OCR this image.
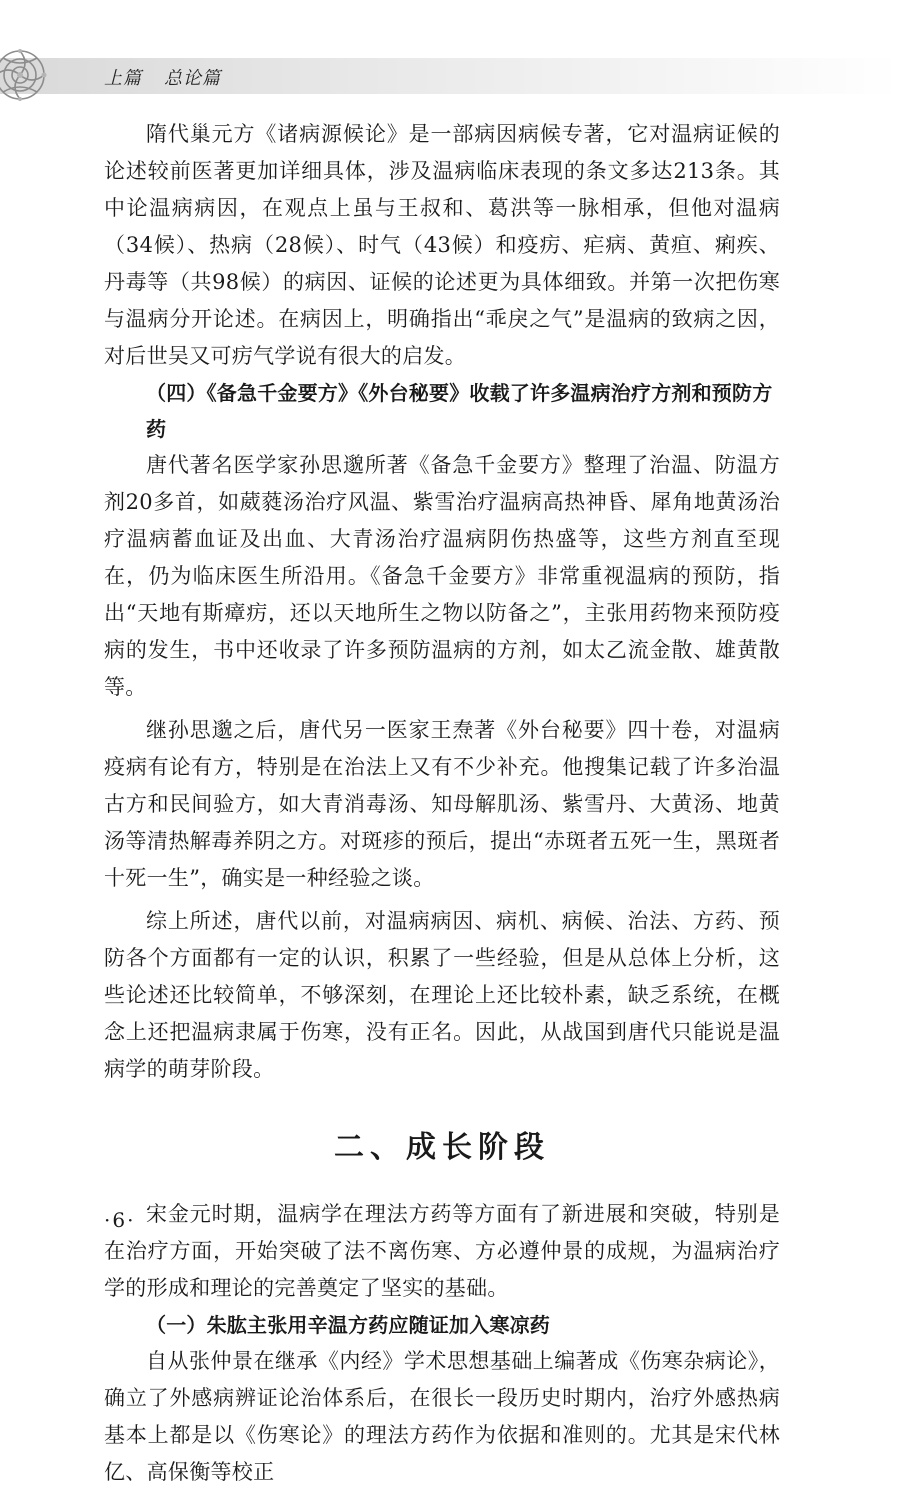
上篇 总论篇

隋代巢元方《诸病源候论》是一部病因病候专著，它对温病证候的论述较前医著更加详细具体，涉及温病临床表现的条文多达213条。其中论温病病因，在观点上虽与王叔和、葛洪等一脉相承，但他对温病（34候）、热病（28候）、时气（43候）和疫疠、疟病、黄疸、痢疾、丹毒等（共98候）的病因、证候的论述更为具体细致。并第一次把伤寒与温病分开论述。在病因上，明确指出“乖戾之气”是温病的致病之因，对后世吴又可疠气学说有很大的启发。

（四）《备急千金要方》《外台秘要》收载了许多温病治疗方剂和预防方药

唐代著名医学家孙思邈所著《备急千金要方》整理了治温、防温方剂20多首，如葳蕤汤治疗风温、紫雪治疗温病高热神昏、犀角地黄汤治疗温病蓄血证及出血、大青汤治疗温病阴伤热盛等，这些方剂直至现在，仍为临床医生所沿用。《备急千金要方》非常重视温病的预防，指出“天地有斯瘴疠，还以天地所生之物以防备之”，主张用药物来预防疫病的发生，书中还收录了许多预防温病的方剂，如太乙流金散、雄黄散等。

继孙思邈之后，唐代另一医家王焘著《外台秘要》四十卷，对温病疫病有论有方，特别是在治法上又有不少补充。他搜集记载了许多治温古方和民间验方，如大青消毒汤、知母解肌汤、紫雪丹、大黄汤、地黄汤等清热解毒养阴之方。对斑疹的预后，提出“赤斑者五死一生，黑斑者十死一生”，确实是一种经验之谈。

综上所述，唐代以前，对温病病因、病机、病候、治法、方药、预防各个方面都有一定的认识，积累了一些经验，但是从总体上分析，这些论述还比较简单，不够深刻，在理论上还比较朴素，缺乏系统，在概念上还把温病隶属于伤寒，没有正名。因此，从战国到唐代只能说是温病学的萌芽阶段。

二、成长阶段

宋金元时期，温病学在理法方药等方面有了新进展和突破，特别是在治疗方面，开始突破了法不离伤寒、方必遵仲景的成规，为温病治疗学的形成和理论的完善奠定了坚实的基础。

（一）朱肱主张用辛温方药应随证加入寒凉药

自从张仲景在继承《内经》学术思想基础上编著成《伤寒杂病论》，确立了外感病辨证论治体系后，在很长一段历史时期内，治疗外感热病基本上都是以《伤寒论》的理法方药作为依据和准则的。尤其是宋代林亿、高保衡等校正

·6·
